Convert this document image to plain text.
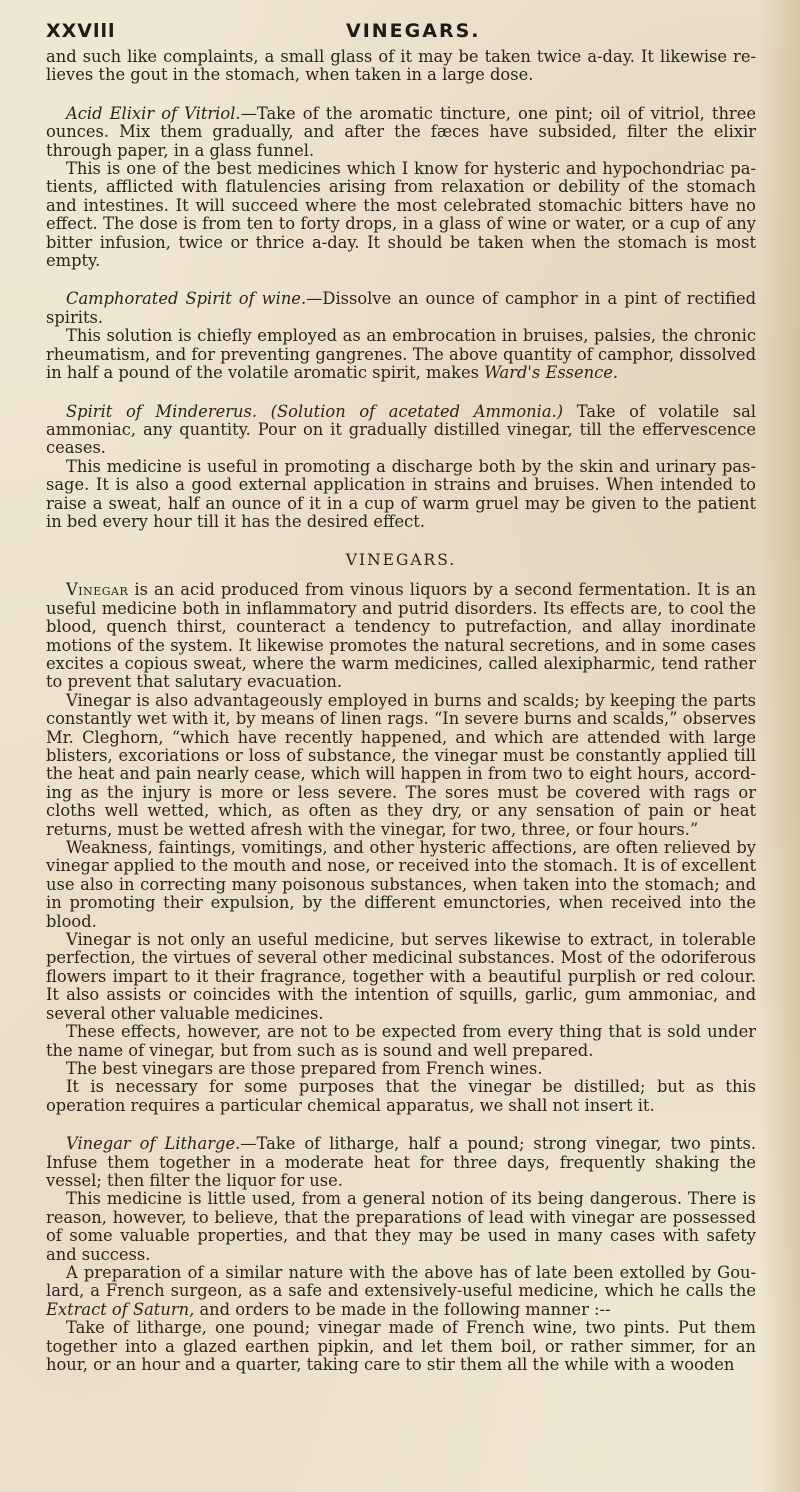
XXVlll	VINEGARS.

and such like complaints, a small glass of it may be taken twice a-day. It likewise relieves the gout in the stomach, when taken in a large dose.

Acid Elixir of Vitriol.—Take of the aromatic tincture, one pint; oil of vitriol, three ounces. Mix them gradually, and after the fæces have subsided, filter the elixir through paper, in a glass funnel.

This is one of the best medicines which I know for hysteric and hypochondriac patients, afflicted with flatulencies arising from relaxation or debility of the stomach and intestines. It will succeed where the most celebrated stomachic bitters have no effect. The dose is from ten to forty drops, in a glass of wine or water, or a cup of any bitter infusion, twice or thrice a-day. It should be taken when the stomach is most empty.

Camphorated Spirit of wine.—Dissolve an ounce of camphor in a pint of rectified spirits.

This solution is chiefly employed as an embrocation in bruises, palsies, the chronic rheumatism, and for preventing gangrenes. The above quantity of camphor, dissolved in half a pound of the volatile aromatic spirit, makes Ward's Essence.

Spirit of Mindererus. (Solution of acetated Ammonia.) Take of volatile sal ammoniac, any quantity. Pour on it gradually distilled vinegar, till the effervescence ceases.

This medicine is useful in promoting a discharge both by the skin and urinary passage. It is also a good external application in strains and bruises. When intended to raise a sweat, half an ounce of it in a cup of warm gruel may be given to the patient in bed every hour till it has the desired effect.

VINEGARS.

Vinegar is an acid produced from vinous liquors by a second fermentation. It is an useful medicine both in inflammatory and putrid disorders. Its effects are, to cool the blood, quench thirst, counteract a tendency to putrefaction, and allay inordinate motions of the system. It likewise promotes the natural secretions, and in some cases excites a copious sweat, where the warm medicines, called alexipharmic, tend rather to prevent that salutary evacuation.

Vinegar is also advantageously employed in burns and scalds; by keeping the parts constantly wet with it, by means of linen rags. “In severe burns and scalds,” observes Mr. Cleghorn, “which have recently happened, and which are attended with large blisters, excoriations or loss of substance, the vinegar must be constantly applied till the heat and pain nearly cease, which will happen in from two to eight hours, according as the injury is more or less severe. The sores must be covered with rags or cloths well wetted, which, as often as they dry, or any sensation of pain or heat returns, must be wetted afresh with the vinegar, for two, three, or four hours.”

Weakness, faintings, vomitings, and other hysteric affections, are often relieved by vinegar applied to the mouth and nose, or received into the stomach. It is of excellent use also in correcting many poisonous substances, when taken into the stomach; and in promoting their expulsion, by the different emunctories, when received into the blood.

Vinegar is not only an useful medicine, but serves likewise to extract, in tolerable perfection, the virtues of several other medicinal substances. Most of the odoriferous flowers impart to it their fragrance, together with a beautiful purplish or red colour. It also assists or coincides with the intention of squills, garlic, gum ammoniac, and several other valuable medicines.

These effects, however, are not to be expected from every thing that is sold under the name of vinegar, but from such as is sound and well prepared.

The best vinegars are those prepared from French wines.

It is necessary for some purposes that the vinegar be distilled; but as this operation requires a particular chemical apparatus, we shall not insert it.

Vinegar of Litharge.—Take of litharge, half a pound; strong vinegar, two pints. Infuse them together in a moderate heat for three days, frequently shaking the vessel; then filter the liquor for use.

This medicine is little used, from a general notion of its being dangerous. There is reason, however, to believe, that the preparations of lead with vinegar are possessed of some valuable properties, and that they may be used in many cases with safety and success.

A preparation of a similar nature with the above has of late been extolled by Goulard, a French surgeon, as a safe and extensively-useful medicine, which he calls the Extract of Saturn, and orders to be made in the following manner :--

Take of litharge, one pound; vinegar made of French wine, two pints. Put them together into a glazed earthen pipkin, and let them boil, or rather simmer, for an hour, or an hour and a quarter, taking care to stir them all the while with a wooden
